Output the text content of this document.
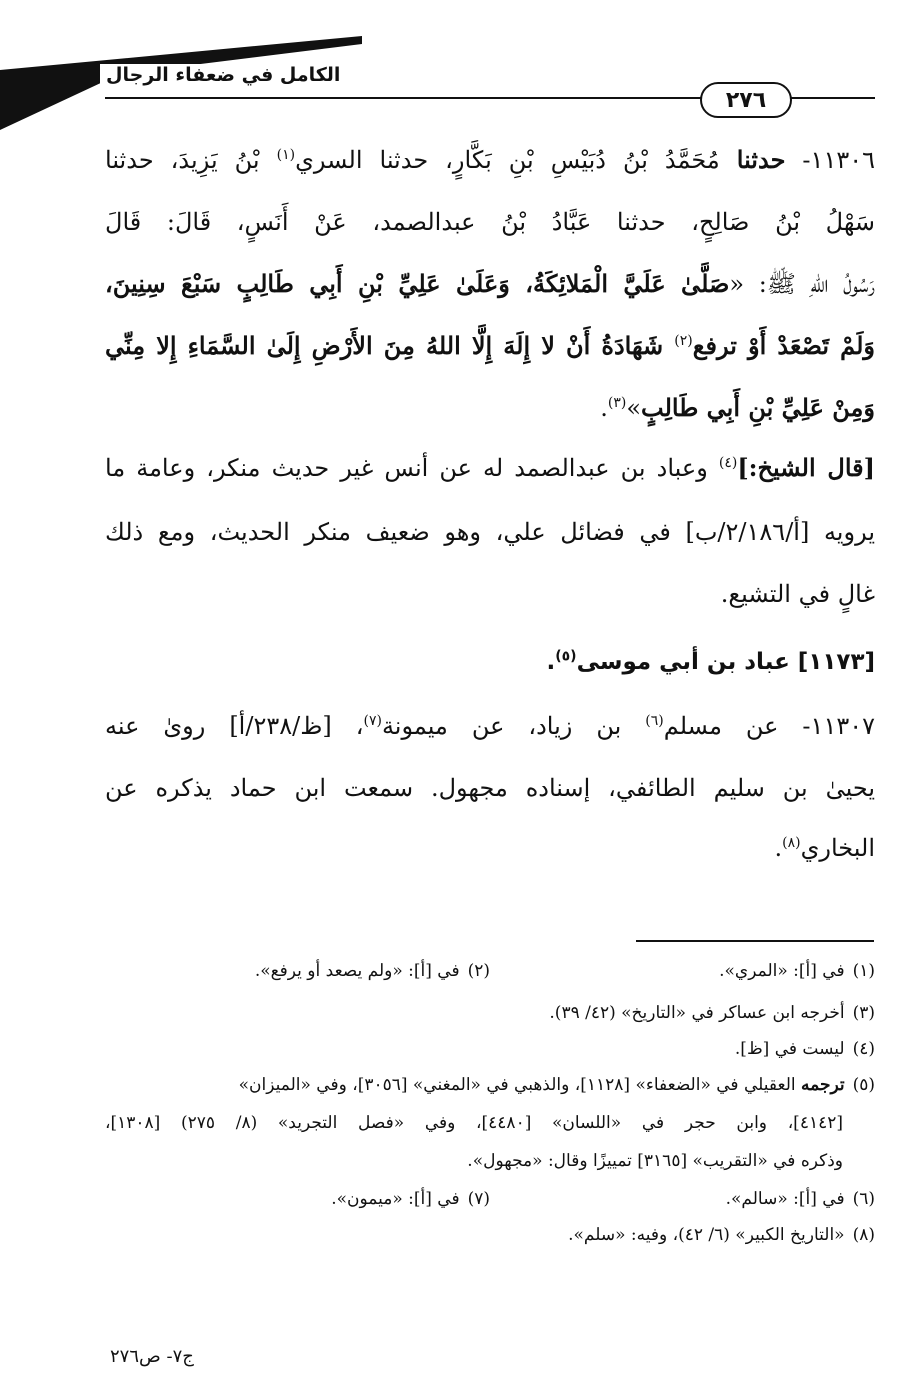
الكامل في ضعفاء الرجال
٢٧٦
١١٣٠٦- حدثنا مُحَمَّدُ بْنُ دُبَيْسِ بْنِ بَكَّارٍ، حدثنا السري$^{(١)}$ بْنُ يَزِيدَ، حدثنا
سَهْلُ بْنُ صَالِحٍ، حدثنا عَبَّادُ بْنُ عبدالصمد، عَنْ أَنَسٍ، قَالَ: قَالَ
رَسُولُ اللهِ ﷺ: «صَلَّىٰ عَلَيَّ الْمَلائِكَةُ، وَعَلَىٰ عَلِيِّ بْنِ أَبِي طَالِبٍ سَبْعَ سِنِينَ،
وَلَمْ تَصْعَدْ أَوْ ترفع$^{(٢)}$ شَهَادَةُ أَنْ لا إِلَهَ إِلَّا اللهُ مِنَ الأَرْضِ إِلَىٰ السَّمَاءِ إِلا مِنِّي
وَمِنْ عَلِيِّ بْنِ أَبِي طَالِبٍ»$^{(٣)}$.
[قال الشيخ:]$^{(٤)}$ وعباد بن عبدالصمد له عن أنس غير حديث منكر، وعامة ما
يرويه [أ/٢/١٨٦/ب] في فضائل علي، وهو ضعيف منكر الحديث، ومع ذلك
غالٍ في التشيع.
[١١٧٣] عباد بن أبي موسى$^{(٥)}$.
١١٣٠٧- عن مسلم$^{(٦)}$ بن زياد، عن ميمونة$^{(٧)}$، [ظ/٢٣٨/أ] روىٰ عنه
يحيىٰ بن سليم الطائفي، إسناده مجهول. سمعت ابن حماد يذكره عن
البخاري$^{(٨)}$.
(١)في [أ]: «المري».(٢)في [أ]: «ولم يصعد أو يرفع».
(٣)أخرجه ابن عساكر في «التاريخ» (٤٢/ ٣٩).
(٤)ليست في [ظ].
(٥)ترجمه العقيلي في «الضعفاء» [١١٢٨]، والذهبي في «المغني» [٣٠٥٦]، وفي «الميزان»
[٤١٤٢]، وابن حجر في «اللسان» [٤٤٨٠]، وفي «فصل التجريد» (٨/ ٢٧٥) [١٣٠٨]،
وذكره في «التقريب» [٣١٦٥] تمييزًا وقال: «مجهول».
(٦)في [أ]: «سالم».(٧)في [أ]: «ميمون».
(٨)«التاريخ الكبير» (٦/ ٤٢)، وفيه: «سلم».
ج٧- ص٢٧٦
